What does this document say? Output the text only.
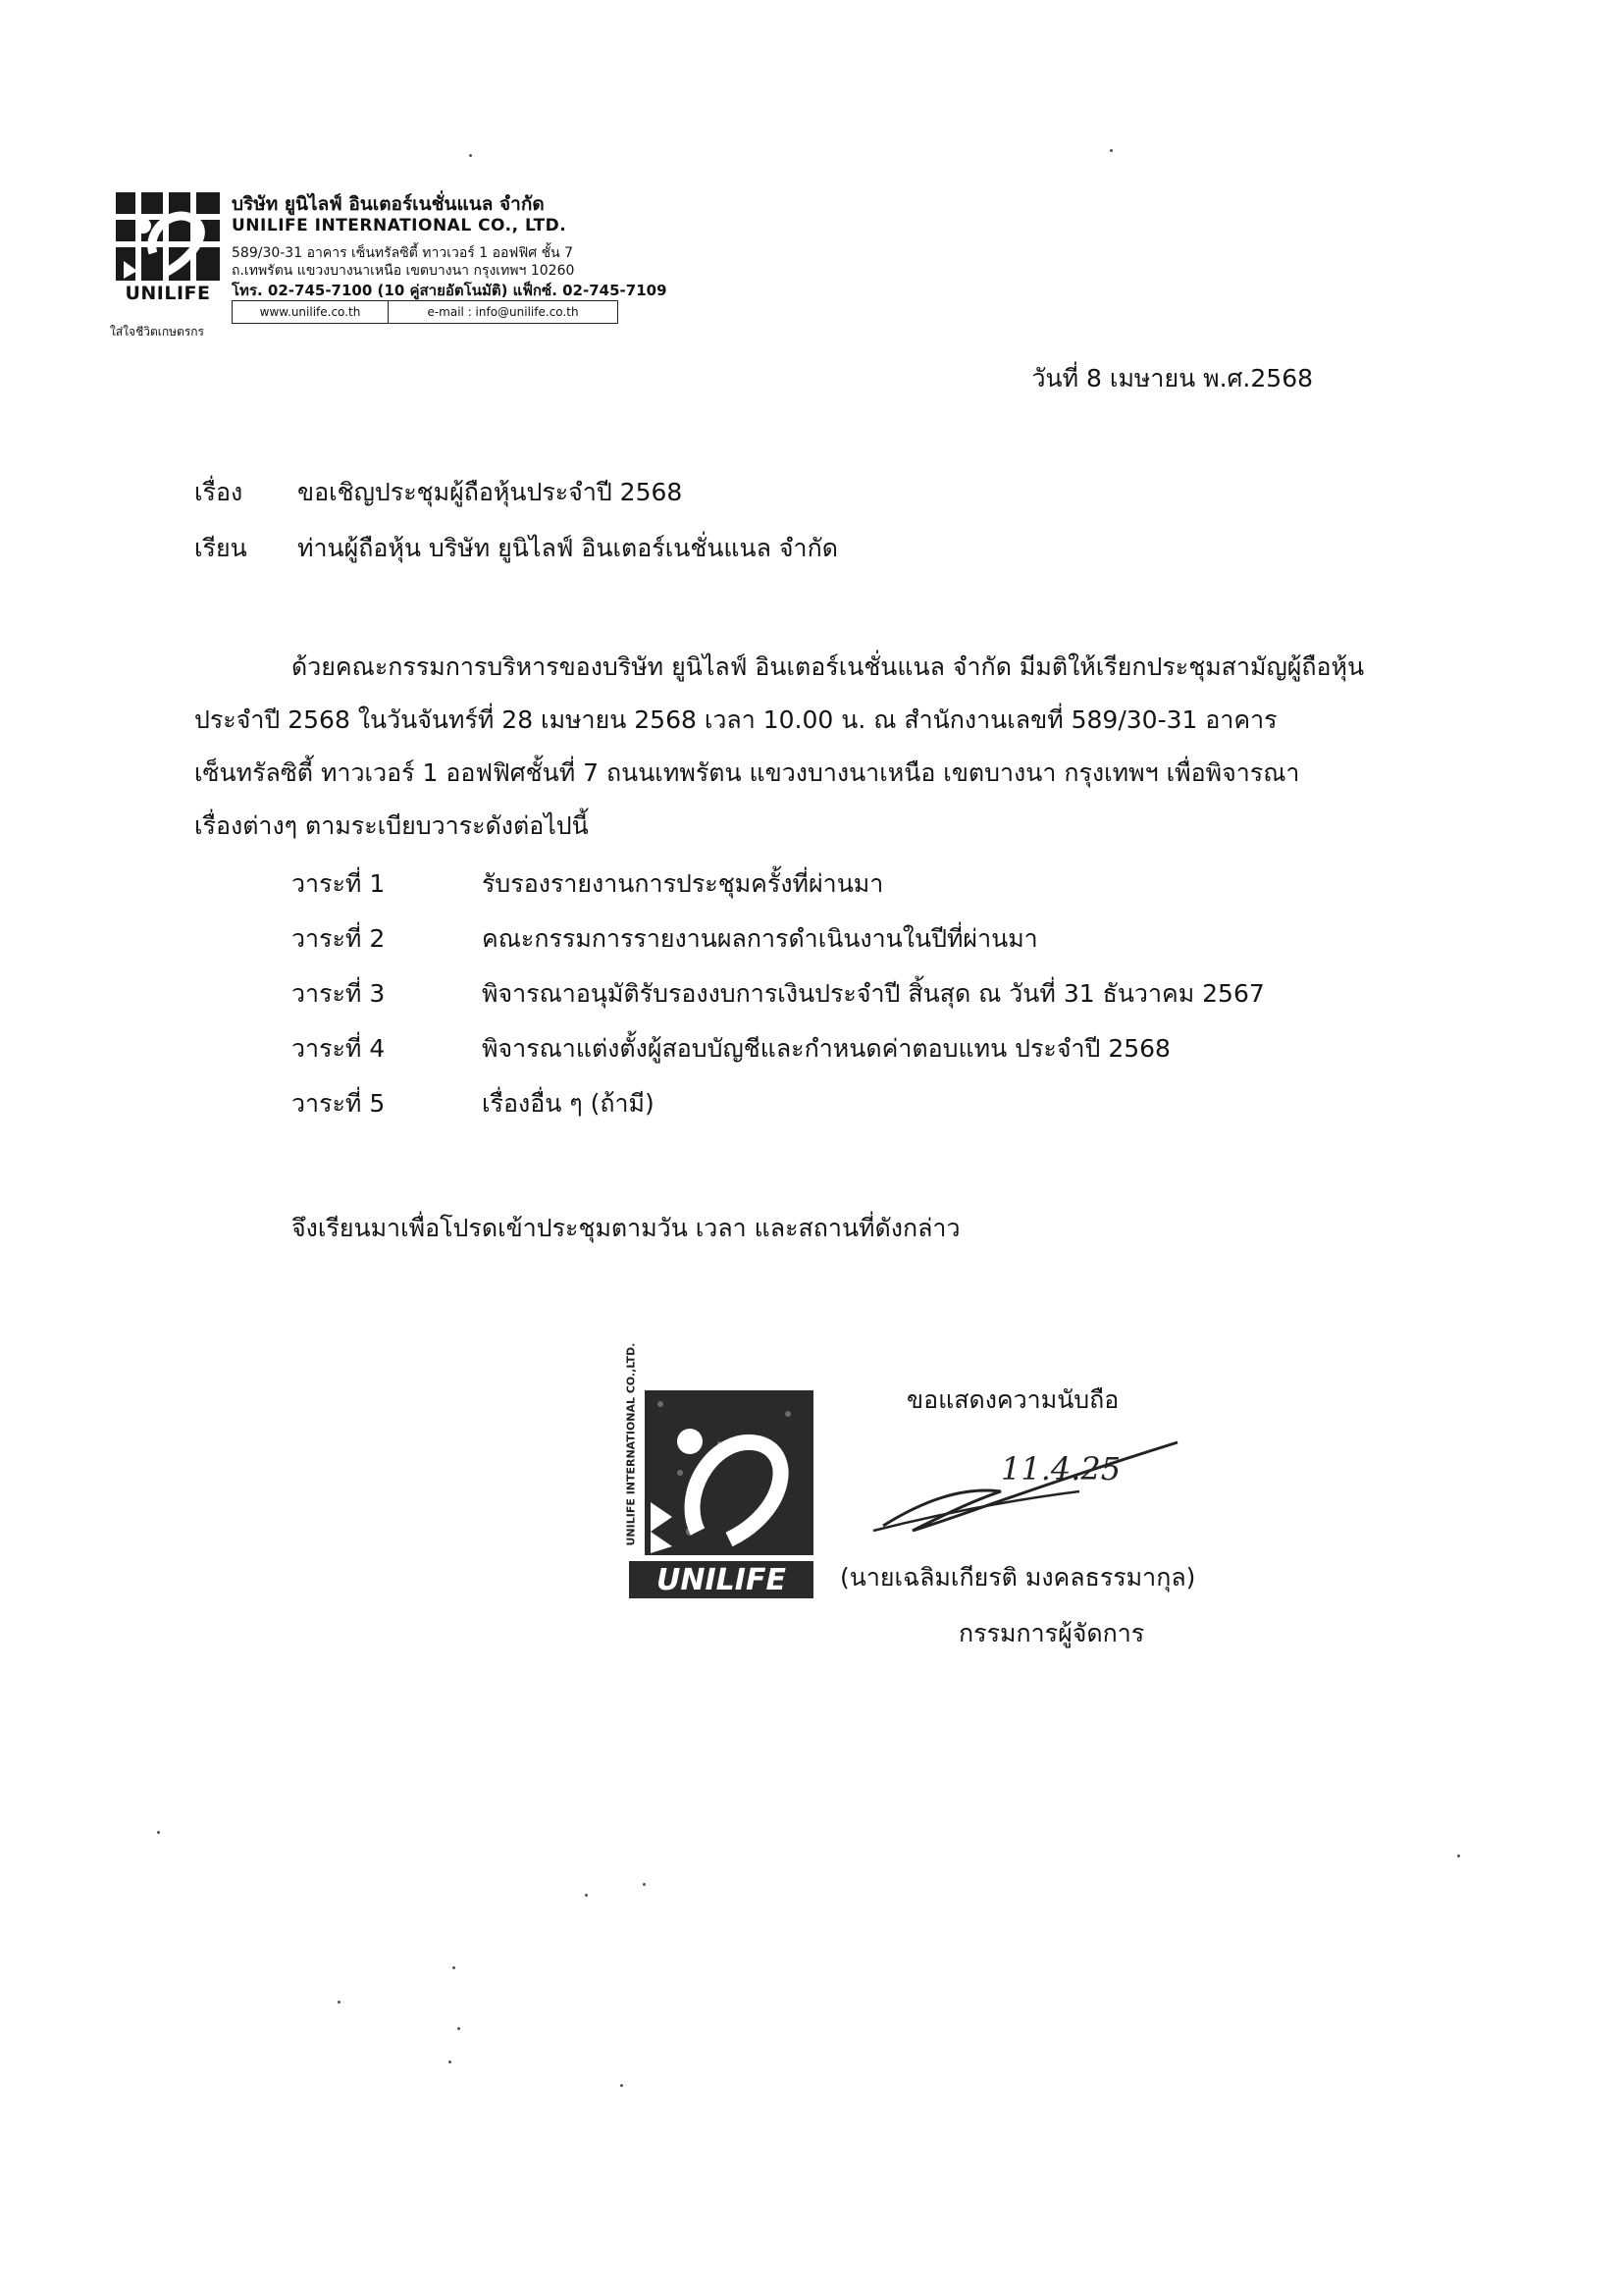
UNILIFE
บริษัท ยูนิไลฟ์ อินเตอร์เนชั่นแนล จำกัด
UNILIFE INTERNATIONAL CO., LTD.
589/30-31 อาคาร เซ็นทรัลซิตี้ ทาวเวอร์ 1 ออฟฟิศ ชั้น 7
ถ.เทพรัตน แขวงบางนาเหนือ เขตบางนา กรุงเทพฯ 10260
โทร. 02-745-7100 (10 คู่สายอัตโนมัติ) แฟ็กซ์. 02-745-7109
www.unilife.co.th	e-mail : info@unilife.co.th
ใส่ใจชีวิตเกษตรกร
วันที่ 8 เมษายน พ.ศ.2568
เรื่อง ขอเชิญประชุมผู้ถือหุ้นประจำปี 2568
เรียน ท่านผู้ถือหุ้น บริษัท ยูนิไลฟ์ อินเตอร์เนชั่นแนล จำกัด
ด้วยคณะกรรมการบริหารของบริษัท ยูนิไลฟ์ อินเตอร์เนชั่นแนล จำกัด มีมติให้เรียกประชุมสามัญผู้ถือหุ้น
ประจำปี 2568 ในวันจันทร์ที่ 28 เมษายน 2568 เวลา 10.00 น. ณ สำนักงานเลขที่ 589/30-31 อาคาร
เซ็นทรัลซิตี้ ทาวเวอร์ 1 ออฟฟิศชั้นที่ 7 ถนนเทพรัตน แขวงบางนาเหนือ เขตบางนา กรุงเทพฯ เพื่อพิจารณา
เรื่องต่างๆ ตามระเบียบวาระดังต่อไปนี้
วาระที่ 1	รับรองรายงานการประชุมครั้งที่ผ่านมา
วาระที่ 2	คณะกรรมการรายงานผลการดำเนินงานในปีที่ผ่านมา
วาระที่ 3	พิจารณาอนุมัติรับรองงบการเงินประจำปี สิ้นสุด ณ วันที่ 31 ธันวาคม 2567
วาระที่ 4	พิจารณาแต่งตั้งผู้สอบบัญชีและกำหนดค่าตอบแทน ประจำปี 2568
วาระที่ 5	เรื่องอื่น ๆ (ถ้ามี)
จึงเรียนมาเพื่อโปรดเข้าประชุมตามวัน เวลา และสถานที่ดังกล่าว
ขอแสดงความนับถือ
UNILIFE INTERNATIONAL CO.,LTD.
UNILIFE
11.4.25
(นายเฉลิมเกียรติ มงคลธรรมากุล)
กรรมการผู้จัดการ
